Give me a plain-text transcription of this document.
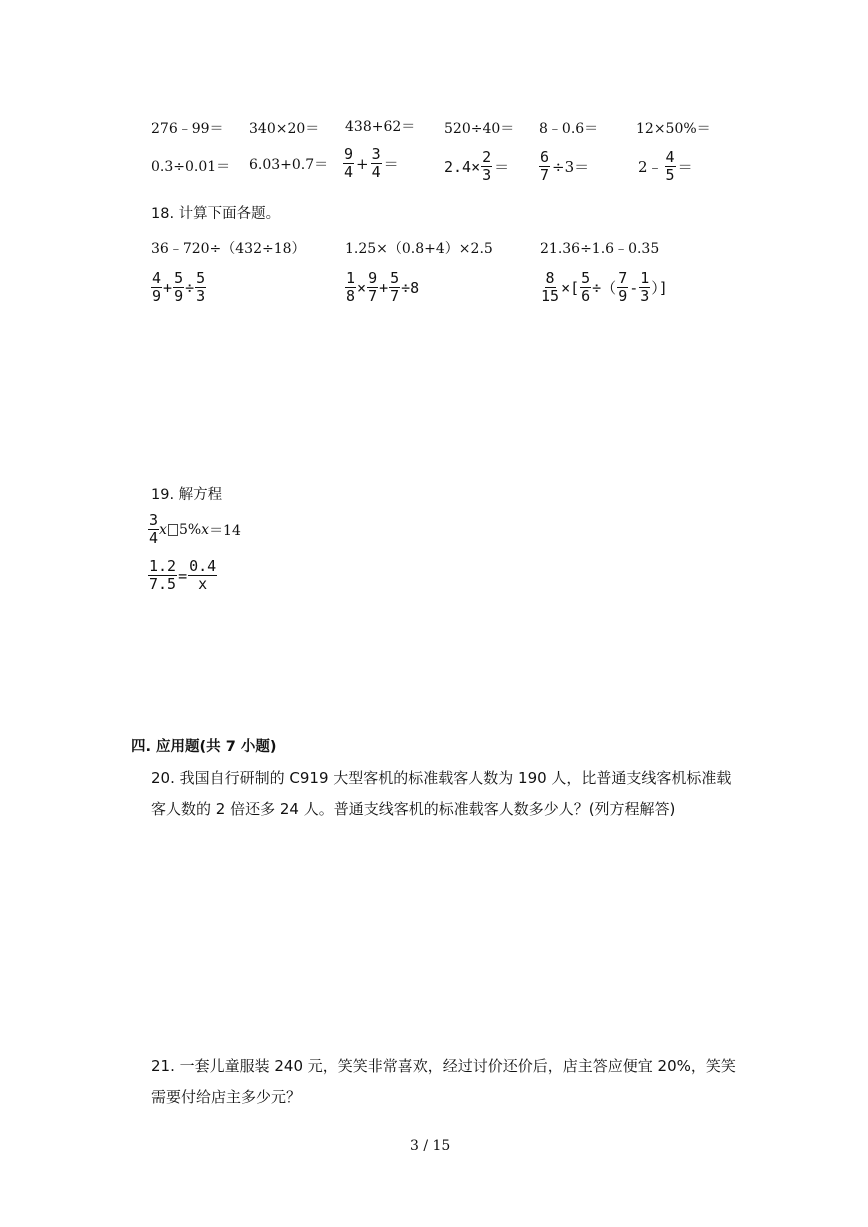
276﹣99＝ 340×20＝ 438+62＝ 520÷40＝ 8﹣0.6＝	12×50%＝
$0.3\div 0.01= 6.03+0.7= \frac{9}{4} + \frac{3}{4}$ ＝	$2.4\times \frac{2}{3} = \frac{6}{7} \div 3=$	2﹣ $\frac{4}{5}$ ＝
18. 计算下面各题。
36﹣720÷（432÷18）	1.25×（0.8+4）×2.5	21.36÷1.6﹣0.35
$\frac{4}{9} + \frac{5}{9} \div \frac{5}{3}$	$\frac{1}{8} \times \frac{9}{7} + \frac{5}{7} \div 8$	$\frac{8}{15}$ ×[ $\frac{5}{6}$ ÷（ $\frac{7}{9} - \frac{1}{3}$ ）]
19. 解方程
$\frac{3}{4}$ x 5% x ＝14
$\frac{1.2}{7.5} = \frac{0.4}{x}$
四. 应用题(共 7 小题)
20. 我国自行研制的 C919 大型客机的标准载客人数为 190 人，比普通支线客机标准载客人数的 2 倍还多 24 人。普通支线客机的标准载客人数多少人？(列方程解答)
21. 一套儿童服装 240 元，笑笑非常喜欢，经过讨价还价后，店主答应便宜 20%，笑笑需要付给店主多少元？
3 / 15
